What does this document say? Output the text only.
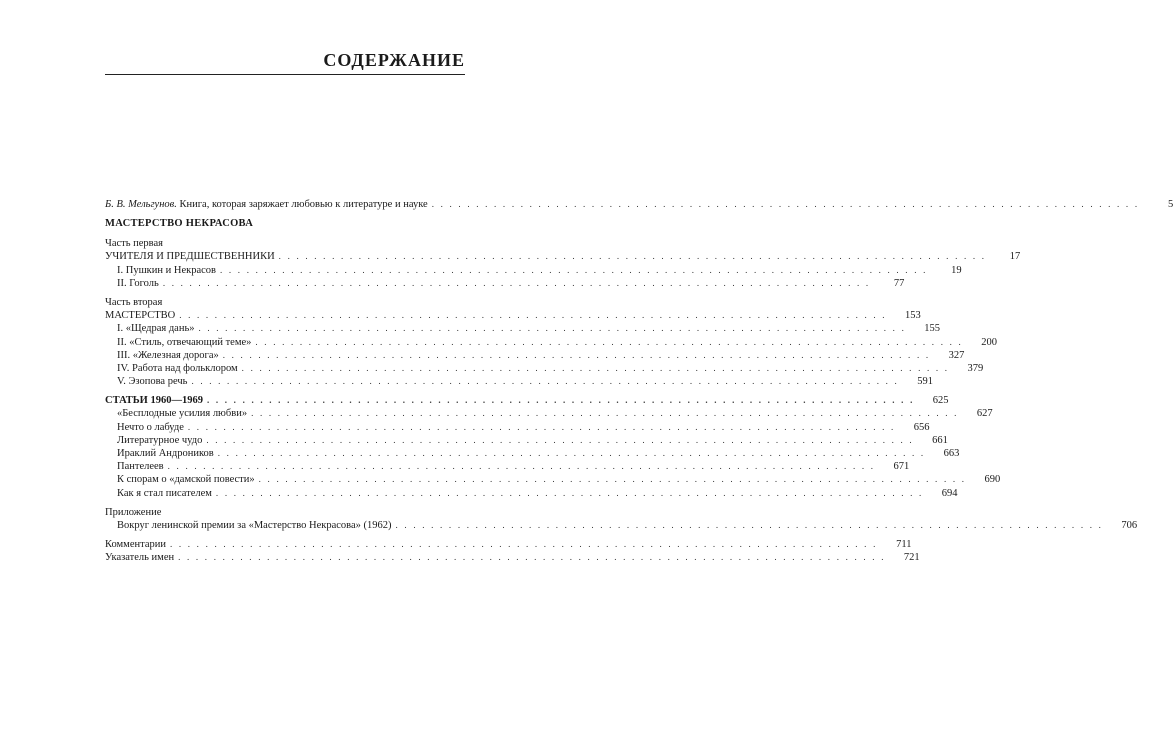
СОДЕРЖАНИЕ
Б. В. Мельгунов. Книга, которая заряжает любовью к литературе и науке . . . . . . . . . . . . . . . . . . . . . . . . . . . . . . . . . . . . . . . . . . . . . . . . . . . . . . . . . . . . . . . . . . . . . . . . . . . . . . . .	5
МАСТЕРСТВО НЕКРАСОВА
Часть первая
УЧИТЕЛЯ И ПРЕДШЕСТВЕННИКИ . . . . . . . . . . . . . . . . . . . . . . . . . . . . . . . . . . . . . . . . . . . . . . . . . . . . . . . . . . . . . . . . . . . . . . . . . . . . . . . .	17
I. Пушкин и Некрасов . . . . . . . . . . . . . . . . . . . . . . . . . . . . . . . . . . . . . . . . . . . . . . . . . . . . . . . . . . . . . . . . . . . . . . . . . . . . . . . .	19
II. Гоголь . . . . . . . . . . . . . . . . . . . . . . . . . . . . . . . . . . . . . . . . . . . . . . . . . . . . . . . . . . . . . . . . . . . . . . . . . . . . . . . .	77
Часть вторая
МАСТЕРСТВО . . . . . . . . . . . . . . . . . . . . . . . . . . . . . . . . . . . . . . . . . . . . . . . . . . . . . . . . . . . . . . . . . . . . . . . . . . . . . . . .	153
I. «Щедрая дань» . . . . . . . . . . . . . . . . . . . . . . . . . . . . . . . . . . . . . . . . . . . . . . . . . . . . . . . . . . . . . . . . . . . . . . . . . . . . . . . .	155
II. «Стиль, отвечающий теме» . . . . . . . . . . . . . . . . . . . . . . . . . . . . . . . . . . . . . . . . . . . . . . . . . . . . . . . . . . . . . . . . . . . . . . . . . . . . . . . .	200
III. «Железная дорога» . . . . . . . . . . . . . . . . . . . . . . . . . . . . . . . . . . . . . . . . . . . . . . . . . . . . . . . . . . . . . . . . . . . . . . . . . . . . . . . .	327
IV. Работа над фольклором . . . . . . . . . . . . . . . . . . . . . . . . . . . . . . . . . . . . . . . . . . . . . . . . . . . . . . . . . . . . . . . . . . . . . . . . . . . . . . . .	379
V. Эзопова речь . . . . . . . . . . . . . . . . . . . . . . . . . . . . . . . . . . . . . . . . . . . . . . . . . . . . . . . . . . . . . . . . . . . . . . . . . . . . . . . .	591
СТАТЬИ 1960—1969 . . . . . . . . . . . . . . . . . . . . . . . . . . . . . . . . . . . . . . . . . . . . . . . . . . . . . . . . . . . . . . . . . . . . . . . . . . . . . . . .	625
«Бесплодные усилия любви» . . . . . . . . . . . . . . . . . . . . . . . . . . . . . . . . . . . . . . . . . . . . . . . . . . . . . . . . . . . . . . . . . . . . . . . . . . . . . . . .	627
Нечто о лабуде . . . . . . . . . . . . . . . . . . . . . . . . . . . . . . . . . . . . . . . . . . . . . . . . . . . . . . . . . . . . . . . . . . . . . . . . . . . . . . . .	656
Литературное чудо . . . . . . . . . . . . . . . . . . . . . . . . . . . . . . . . . . . . . . . . . . . . . . . . . . . . . . . . . . . . . . . . . . . . . . . . . . . . . . . .	661
Ираклий Андроников . . . . . . . . . . . . . . . . . . . . . . . . . . . . . . . . . . . . . . . . . . . . . . . . . . . . . . . . . . . . . . . . . . . . . . . . . . . . . . . .	663
Пантелеев . . . . . . . . . . . . . . . . . . . . . . . . . . . . . . . . . . . . . . . . . . . . . . . . . . . . . . . . . . . . . . . . . . . . . . . . . . . . . . . .	671
К спорам о «дамской повести» . . . . . . . . . . . . . . . . . . . . . . . . . . . . . . . . . . . . . . . . . . . . . . . . . . . . . . . . . . . . . . . . . . . . . . . . . . . . . . . .	690
Как я стал писателем . . . . . . . . . . . . . . . . . . . . . . . . . . . . . . . . . . . . . . . . . . . . . . . . . . . . . . . . . . . . . . . . . . . . . . . . . . . . . . . .	694
Приложение
Вокруг ленинской премии за «Мастерство Некрасова» (1962) . . . . . . . . . . . . . . . . . . . . . . . . . . . . . . . . . . . . . . . . . . . . . . . . . . . . . . . . . . . . . . . . . . . . . . . . . . . . . . . .	706
Комментарии . . . . . . . . . . . . . . . . . . . . . . . . . . . . . . . . . . . . . . . . . . . . . . . . . . . . . . . . . . . . . . . . . . . . . . . . . . . . . . . .	711
Указатель имен . . . . . . . . . . . . . . . . . . . . . . . . . . . . . . . . . . . . . . . . . . . . . . . . . . . . . . . . . . . . . . . . . . . . . . . . . . . . . . . .	721
